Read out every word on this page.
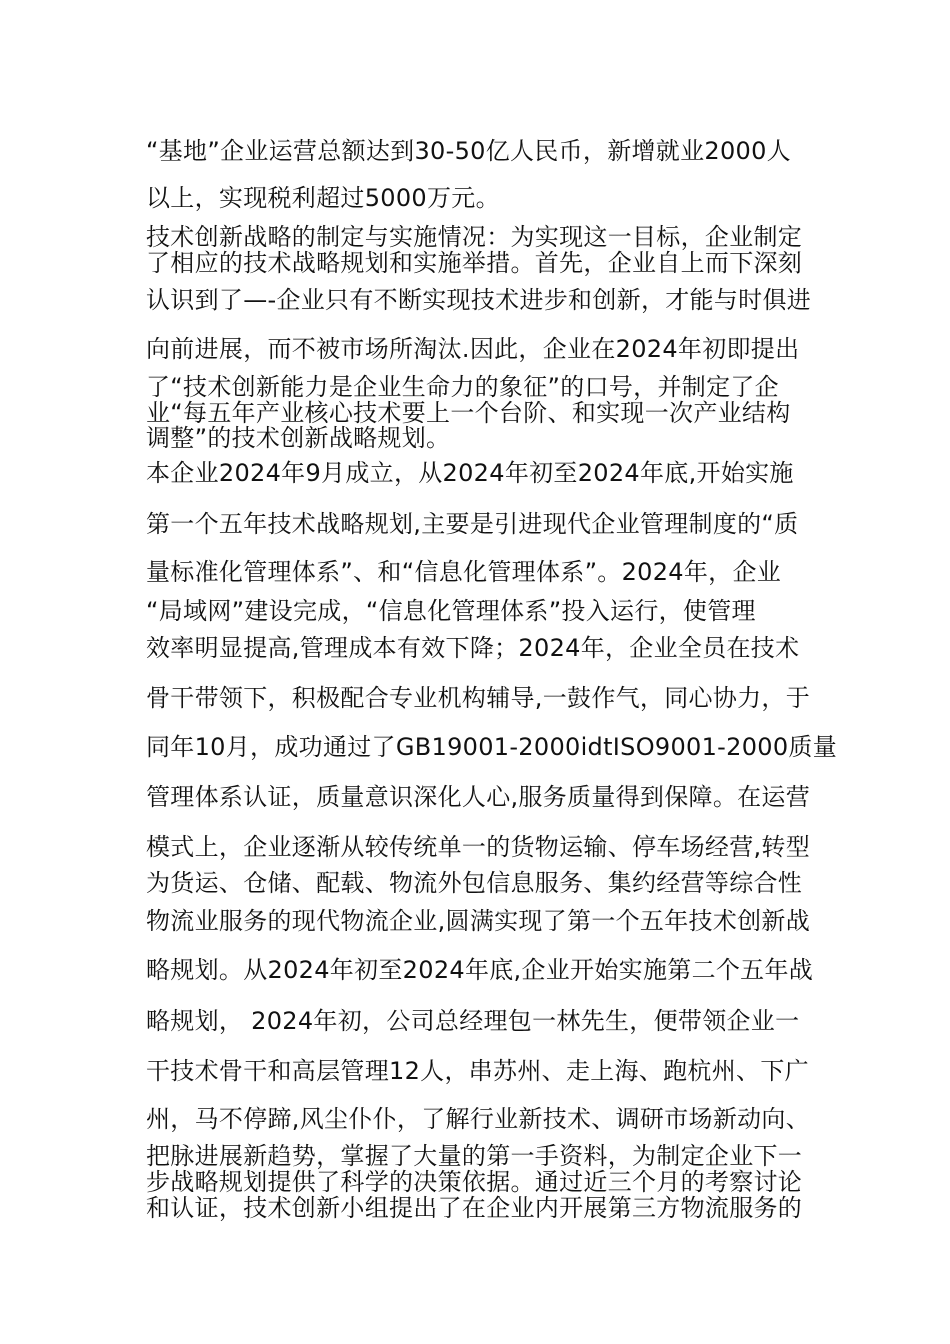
“基地”企业运营总额达到30-50亿人民币，新增就业2000人
以上，实现税利超过5000万元。
技术创新战略的制定与实施情况：为实现这一目标，企业制定
了相应的技术战略规划和实施举措。首先，企业自上而下深刻
认识到了—-企业只有不断实现技术进步和创新，才能与时俱进
向前进展，而不被市场所淘汰.因此，企业在2024年初即提出
了“技术创新能力是企业生命力的象征”的口号，并制定了企
业“每五年产业核心技术要上一个台阶、和实现一次产业结构
调整”的技术创新战略规划。
本企业2024年9月成立，从2024年初至2024年底,开始实施
第一个五年技术战略规划,主要是引进现代企业管理制度的“质
量标准化管理体系”、和“信息化管理体系”。2024年，企业
“局域网”建设完成，“信息化管理体系”投入运行，使管理
效率明显提高,管理成本有效下降；2024年，企业全员在技术
骨干带领下，积极配合专业机构辅导,一鼓作气，同心协力，于
同年10月，成功通过了GB19001-2000idtISO9001-2000质量
管理体系认证，质量意识深化人心,服务质量得到保障。在运营
模式上，企业逐渐从较传统单一的货物运输、停车场经营,转型
为货运、仓储、配载、物流外包信息服务、集约经营等综合性
物流业服务的现代物流企业,圆满实现了第一个五年技术创新战
略规划。从2024年初至2024年底,企业开始实施第二个五年战
略规划， 2024年初，公司总经理包一林先生，便带领企业一
干技术骨干和高层管理12人，串苏州、走上海、跑杭州、下广
州，马不停蹄,风尘仆仆，了解行业新技术、调研市场新动向、
把脉进展新趋势，掌握了大量的第一手资料，为制定企业下一
步战略规划提供了科学的决策依据。通过近三个月的考察讨论
和认证，技术创新小组提出了在企业内开展第三方物流服务的
